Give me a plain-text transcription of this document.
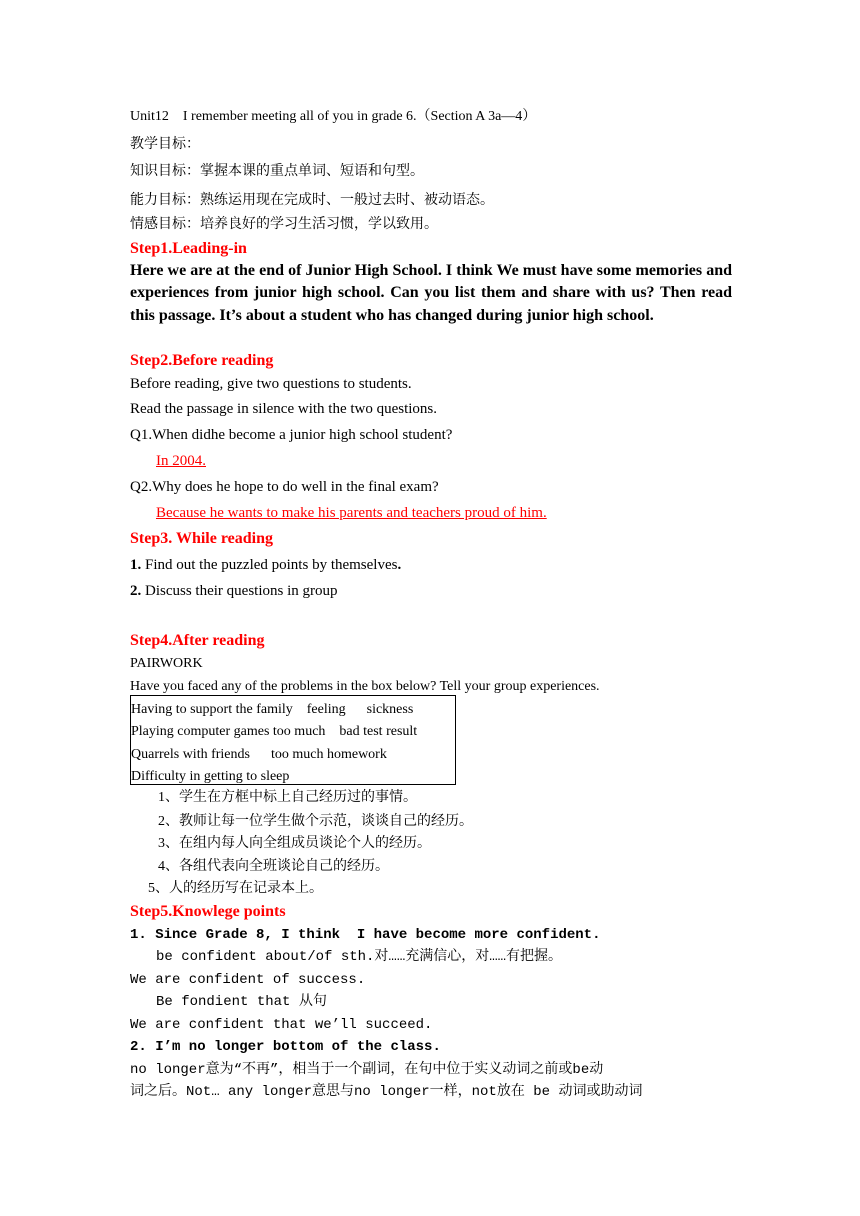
Unit12　I remember meeting all of you in grade 6.（Section A 3a—4）
教学目标：
知识目标：掌握本课的重点单词、短语和句型。
能力目标：熟练运用现在完成时、一般过去时、被动语态。
情感目标：培养良好的学习生活习惯，学以致用。
Step1.Leading-in
Here we are at the end of Junior High School. I think We must have some memories and experiences from junior high school. Can you list them and share with us? Then read this passage. It’s about a student who has changed during junior high school.
Step2.Before reading
Before reading, give two questions to students.
Read the passage in silence with the two questions.
Q1.When didhe become a junior high school student?
In 2004.
Q2.Why does he hope to do well in the final exam?
Because he wants to make his parents and teachers proud of him.
Step3. While reading
1. Find out the puzzled points by themselves.
2. Discuss their questions in group
Step4.After reading
PAIRWORK
Have you faced any of the problems in the box below? Tell your group experiences.
Having to support the family    feeling      sickness
Playing computer games too much    bad test result
Quarrels with friends      too much homework
Difficulty in getting to sleep
1、学生在方框中标上自己经历过的事情。
2、教师让每一位学生做个示范，谈谈自己的经历。
3、在组内每人向全组成员谈论个人的经历。
4、各组代表向全班谈论自己的经历。
5、人的经历写在记录本上。
Step5.Knowlege points
1. Since Grade 8, I think  I have become more confident.
be confident about/of sth.对……充满信心，对……有把握。
We are confident of success.
Be fondient that 从句
We are confident that we’ll succeed.
2. I’m no longer bottom of the class.
no longer意为“不再”，相当于一个副词，在句中位于实义动词之前或be动
词之后。Not… any longer意思与no longer一样，not放在 be 动词或助动词
